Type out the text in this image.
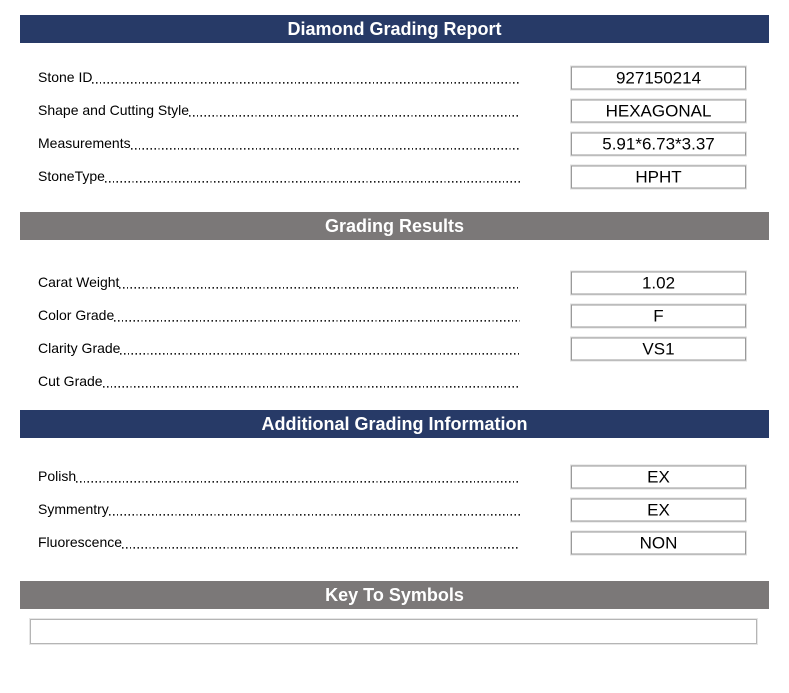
Diamond Grading Report
Stone ID	927150214
Shape and Cutting Style	HEXAGONAL
Measurements	5.91*6.73*3.37
StoneType	HPHT
Grading Results
Carat Weight	1.02
Color Grade	F
Clarity Grade	VS1
Cut Grade
Additional Grading Information
Polish	EX
Symmentry	EX
Fluorescence	NON
Key To Symbols
